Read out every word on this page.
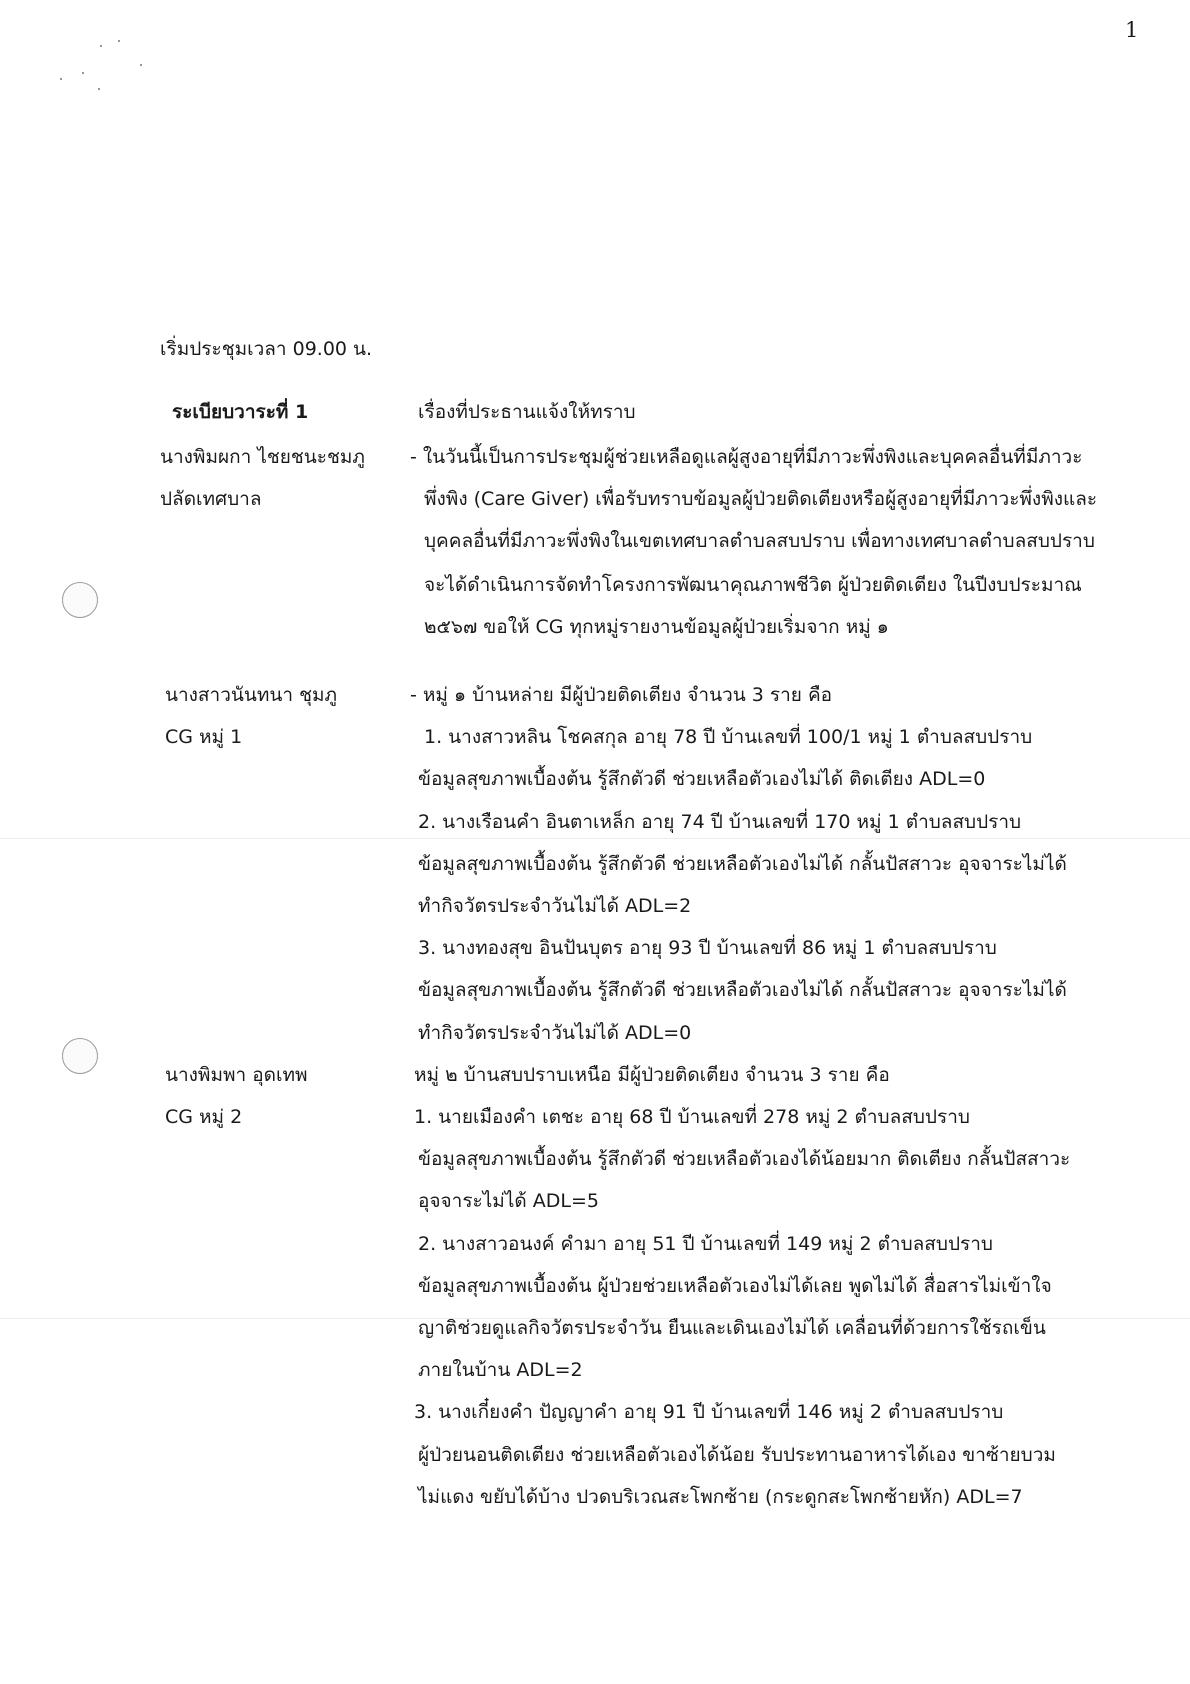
1
เริ่มประชุมเวลา 09.00 น.
ระเบียบวาระที่ 1	เรื่องที่ประธานแจ้งให้ทราบ
นางพิมผกา ไชยชนะชมภู
ปลัดเทศบาล
- ในวันนี้เป็นการประชุมผู้ช่วยเหลือดูแลผู้สูงอายุที่มีภาวะพึ่งพิงและบุคคลอื่นที่มีภาวะ
พึ่งพิง (Care Giver) เพื่อรับทราบข้อมูลผู้ป่วยติดเตียงหรือผู้สูงอายุที่มีภาวะพึ่งพิงและ
บุคคลอื่นที่มีภาวะพึ่งพิงในเขตเทศบาลตำบลสบปราบ เพื่อทางเทศบาลตำบลสบปราบ
จะได้ดำเนินการจัดทำโครงการพัฒนาคุณภาพชีวิต ผู้ป่วยติดเตียง ในปีงบประมาณ
๒๕๖๗ ขอให้ CG ทุกหมู่รายงานข้อมูลผู้ป่วยเริ่มจาก หมู่ ๑
นางสาวนันทนา ชุมภู
CG หมู่ 1
- หมู่ ๑ บ้านหล่าย มีผู้ป่วยติดเตียง จำนวน 3 ราย คือ
1. นางสาวหลิน โชคสกุล อายุ 78 ปี บ้านเลขที่ 100/1 หมู่ 1 ตำบลสบปราบ
ข้อมูลสุขภาพเบื้องต้น รู้สึกตัวดี ช่วยเหลือตัวเองไม่ได้ ติดเตียง ADL=0
2. นางเรือนคำ อินตาเหล็ก อายุ 74 ปี บ้านเลขที่ 170 หมู่ 1 ตำบลสบปราบ
ข้อมูลสุขภาพเบื้องต้น รู้สึกตัวดี ช่วยเหลือตัวเองไม่ได้ กลั้นปัสสาวะ อุจจาระไม่ได้
ทำกิจวัตรประจำวันไม่ได้ ADL=2
3. นางทองสุข อินปันบุตร อายุ 93 ปี บ้านเลขที่ 86 หมู่ 1 ตำบลสบปราบ
ข้อมูลสุขภาพเบื้องต้น รู้สึกตัวดี ช่วยเหลือตัวเองไม่ได้ กลั้นปัสสาวะ อุจจาระไม่ได้
ทำกิจวัตรประจำวันไม่ได้ ADL=0
นางพิมพา อุดเทพ
CG หมู่ 2
หมู่ ๒ บ้านสบปราบเหนือ มีผู้ป่วยติดเตียง จำนวน 3 ราย คือ
1. นายเมืองคำ เตชะ อายุ 68 ปี บ้านเลขที่ 278 หมู่ 2 ตำบลสบปราบ
ข้อมูลสุขภาพเบื้องต้น รู้สึกตัวดี ช่วยเหลือตัวเองได้น้อยมาก ติดเตียง กลั้นปัสสาวะ
อุจจาระไม่ได้ ADL=5
2. นางสาวอนงค์ คำมา อายุ 51 ปี บ้านเลขที่ 149 หมู่ 2 ตำบลสบปราบ
ข้อมูลสุขภาพเบื้องต้น ผู้ป่วยช่วยเหลือตัวเองไม่ได้เลย พูดไม่ได้ สื่อสารไม่เข้าใจ
ญาติช่วยดูแลกิจวัตรประจำวัน ยืนและเดินเองไม่ได้ เคลื่อนที่ด้วยการใช้รถเข็น
ภายในบ้าน ADL=2
3. นางเกี๋ยงคำ ปัญญาคำ อายุ 91 ปี บ้านเลขที่ 146 หมู่ 2 ตำบลสบปราบ
ผู้ป่วยนอนติดเตียง ช่วยเหลือตัวเองได้น้อย รับประทานอาหารได้เอง ขาซ้ายบวม
ไม่แดง ขยับได้บ้าง ปวดบริเวณสะโพกซ้าย (กระดูกสะโพกซ้ายหัก) ADL=7
